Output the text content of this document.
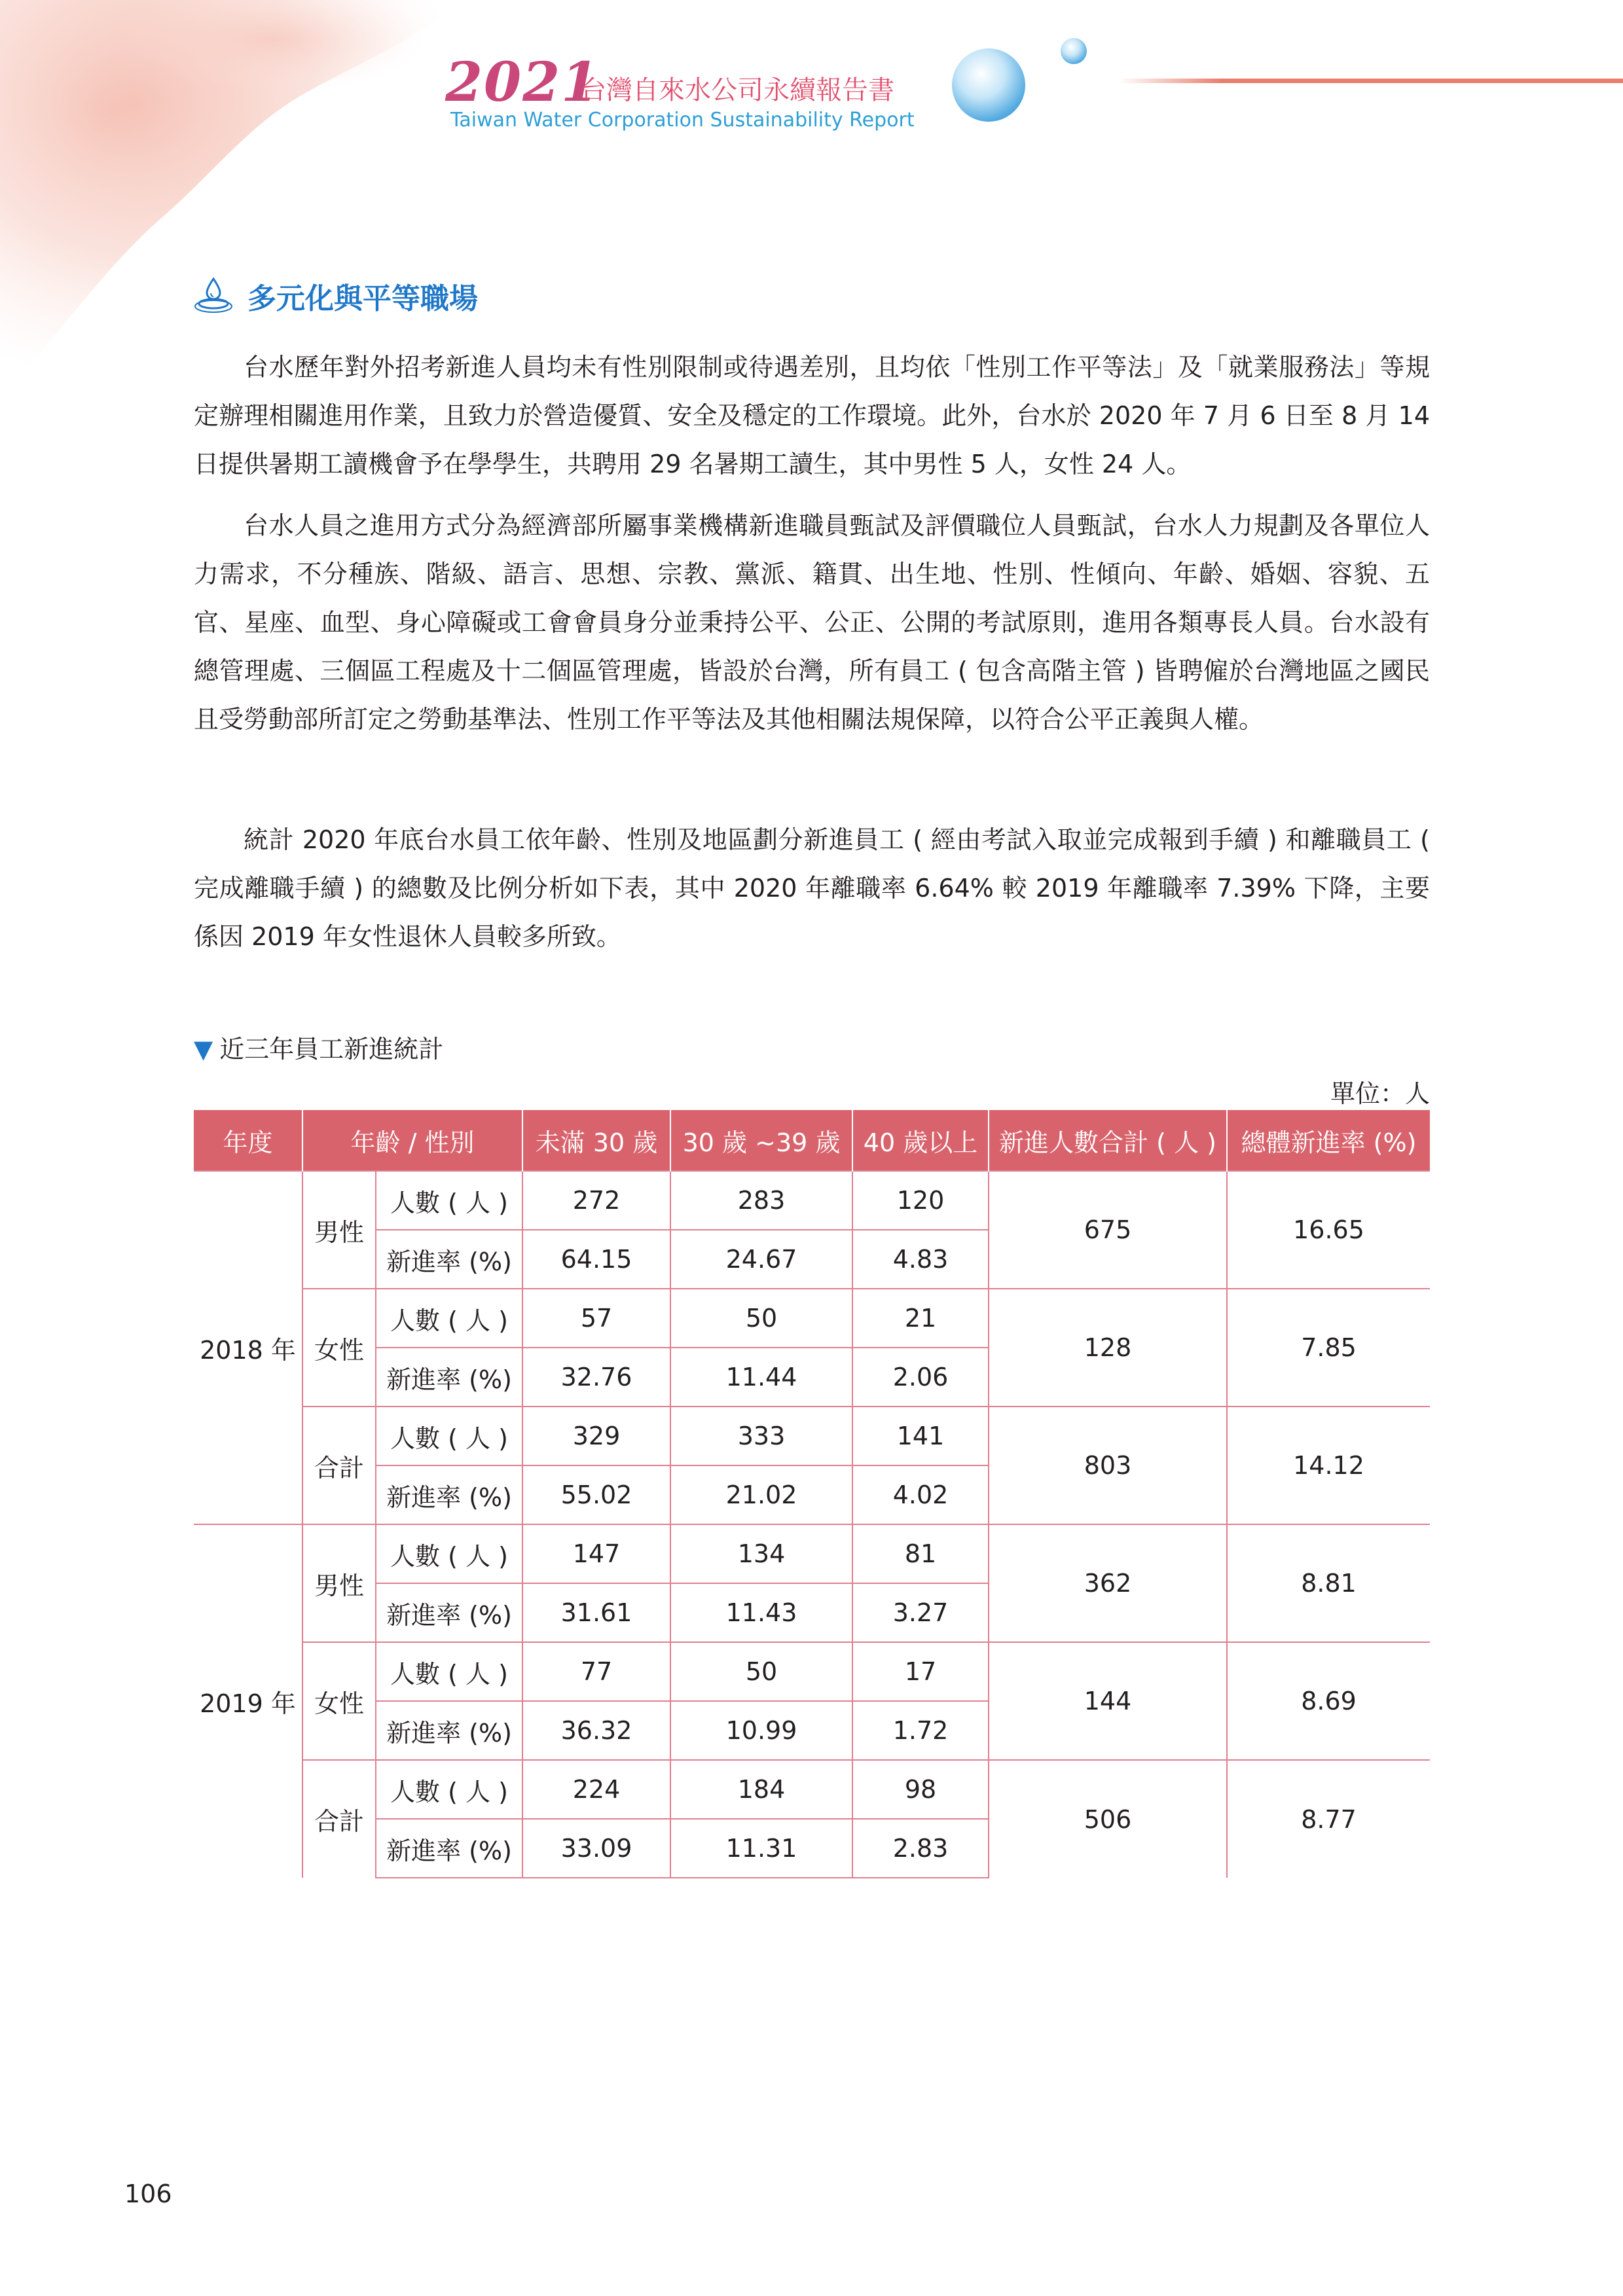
2021
台灣自來水公司永續報告書
Taiwan Water Corporation Sustainability Report
多元化與平等職場

台水歷年對外招考新進人員均未有性別限制或待遇差別，且均依「性別工作平等法」及「就業服務法」等規定辦理相關進用作業，且致力於營造優質、安全及穩定的工作環境。此外，台水於 2020 年 7 月 6 日至 8 月 14 日提供暑期工讀機會予在學學生，共聘用 29 名暑期工讀生，其中男性 5 人，女性 24 人。

台水人員之進用方式分為經濟部所屬事業機構新進職員甄試及評價職位人員甄試，台水人力規劃及各單位人力需求，不分種族、階級、語言、思想、宗教、黨派、籍貫、出生地、性別、性傾向、年齡、婚姻、容貌、五官、星座、血型、身心障礙或工會會員身分並秉持公平、公正、公開的考試原則，進用各類專長人員。台水設有總管理處、三個區工程處及十二個區管理處，皆設於台灣，所有員工 ( 包含高階主管 ) 皆聘僱於台灣地區之國民且受勞動部所訂定之勞動基準法、性別工作平等法及其他相關法規保障，以符合公平正義與人權。

統計 2020 年底台水員工依年齡、性別及地區劃分新進員工 ( 經由考試入取並完成報到手續 ) 和離職員工 ( 完成離職手續 ) 的總數及比例分析如下表，其中 2020 年離職率 6.64% 較 2019 年離職率 7.39% 下降，主要係因 2019 年女性退休人員較多所致。

▼ 近三年員工新進統計
單位：人
年度	年齡 / 性別		未滿 30 歲	30 歲 ~39 歲	40 歲以上	新進人數合計 ( 人 )	總體新進率 (%)
2018 年	男性	人數 ( 人 )	272	283	120	675	16.65
		新進率 (%)	64.15	24.67	4.83		
	女性	人數 ( 人 )	57	50	21	128	7.85
		新進率 (%)	32.76	11.44	2.06		
	合計	人數 ( 人 )	329	333	141	803	14.12
		新進率 (%)	55.02	21.02	4.02		
2019 年	男性	人數 ( 人 )	147	134	81	362	8.81
		新進率 (%)	31.61	11.43	3.27		
	女性	人數 ( 人 )	77	50	17	144	8.69
		新進率 (%)	36.32	10.99	1.72		
	合計	人數 ( 人 )	224	184	98	506	8.77
		新進率 (%)	33.09	11.31	2.83		
106
